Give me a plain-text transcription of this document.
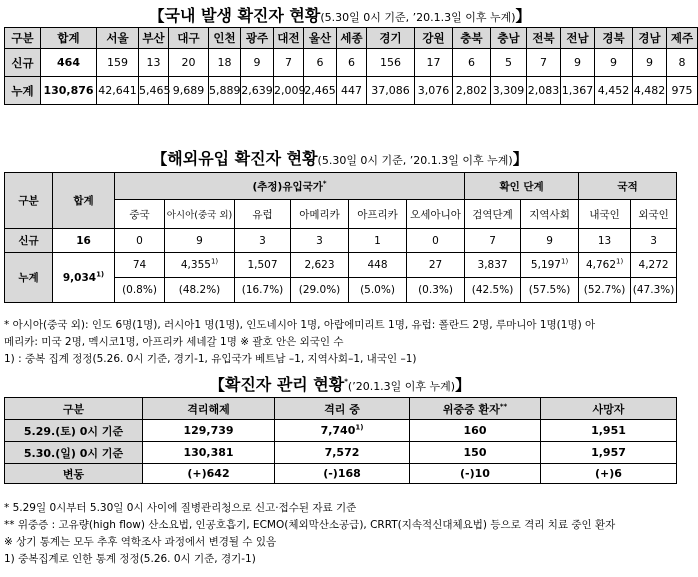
【국내 발생 확진자 현황(5.30일 0시 기준, ’20.1.3일 이후 누계)】
구분	합계	서울	부산	대구	인천	광주	대전	울산	세종	경기	강원	충북	충남	전북	전남	경북	경남	제주
신규	464	159	13	20	18	9	7	6	6	156	17	6	5	7	9	9	9	8
누계	130,876	42,641	5,465	9,689	5,889	2,639	2,009	2,465	447	37,086	3,076	2,802	3,309	2,083	1,367	4,452	4,482	975
【해외유입 확진자 현황(5.30일 0시 기준, ’20.1.3일 이후 누계)】
구분	합계	(추정)유입국가*						확인 단계		국적	
		중국	아시아(중국 외)	유럽	아메리카	아프리카	오세아니아	검역단계	지역사회	내국인	외국인
신규	16	0	9	3	3	1	0	7	9	13	3
누계	9,034$^{1)}$	74	4,355$^{1)}$	1,507	2,623	448	27	3,837	5,197$^{1)}$	4,762$^{1)}$	4,272
		(0.8%)	(48.2%)	(16.7%)	(29.0%)	(5.0%)	(0.3%)	(42.5%)	(57.5%)	(52.7%)	(47.3%)
* 아시아(중국 외): 인도 6명(1명), 러시아1 명(1명), 인도네시아 1명, 아랍에미리트 1명, 유럽: 폴란드 2명, 루마니아 1명(1명) 아
메리카: 미국 2명, 멕시코1명, 아프리카 세네갈 1명 ※ 괄호 안은 외국인 수
1) : 중복 집계 정정(5.26. 0시 기준, 경기-1, 유입국가 베트남 –1, 지역사회–1, 내국인 –1)
【확진자 관리 현황*(’20.1.3일 이후 누계)】
구분	격리해제	격리 중	위중증 환자**	사망자
5.29.(토) 0시 기준	129,739	7,740$^{1)}$	160	1,951
5.30.(일) 0시 기준	130,381	7,572	150	1,957
변동	(+)642	(-)168	(-)10	(+)6
* 5.29일 0시부터 5.30일 0시 사이에 질병관리청으로 신고·접수된 자료 기준
** 위중증 : 고유량(high flow) 산소요법, 인공호흡기, ECMO(체외막산소공급), CRRT(지속적신대체요법) 등으로 격리 치료 중인 환자
※ 상기 통계는 모두 추후 역학조사 과정에서 변경될 수 있음
1) 중복집계로 인한 통계 정정(5.26. 0시 기준, 경기-1)
